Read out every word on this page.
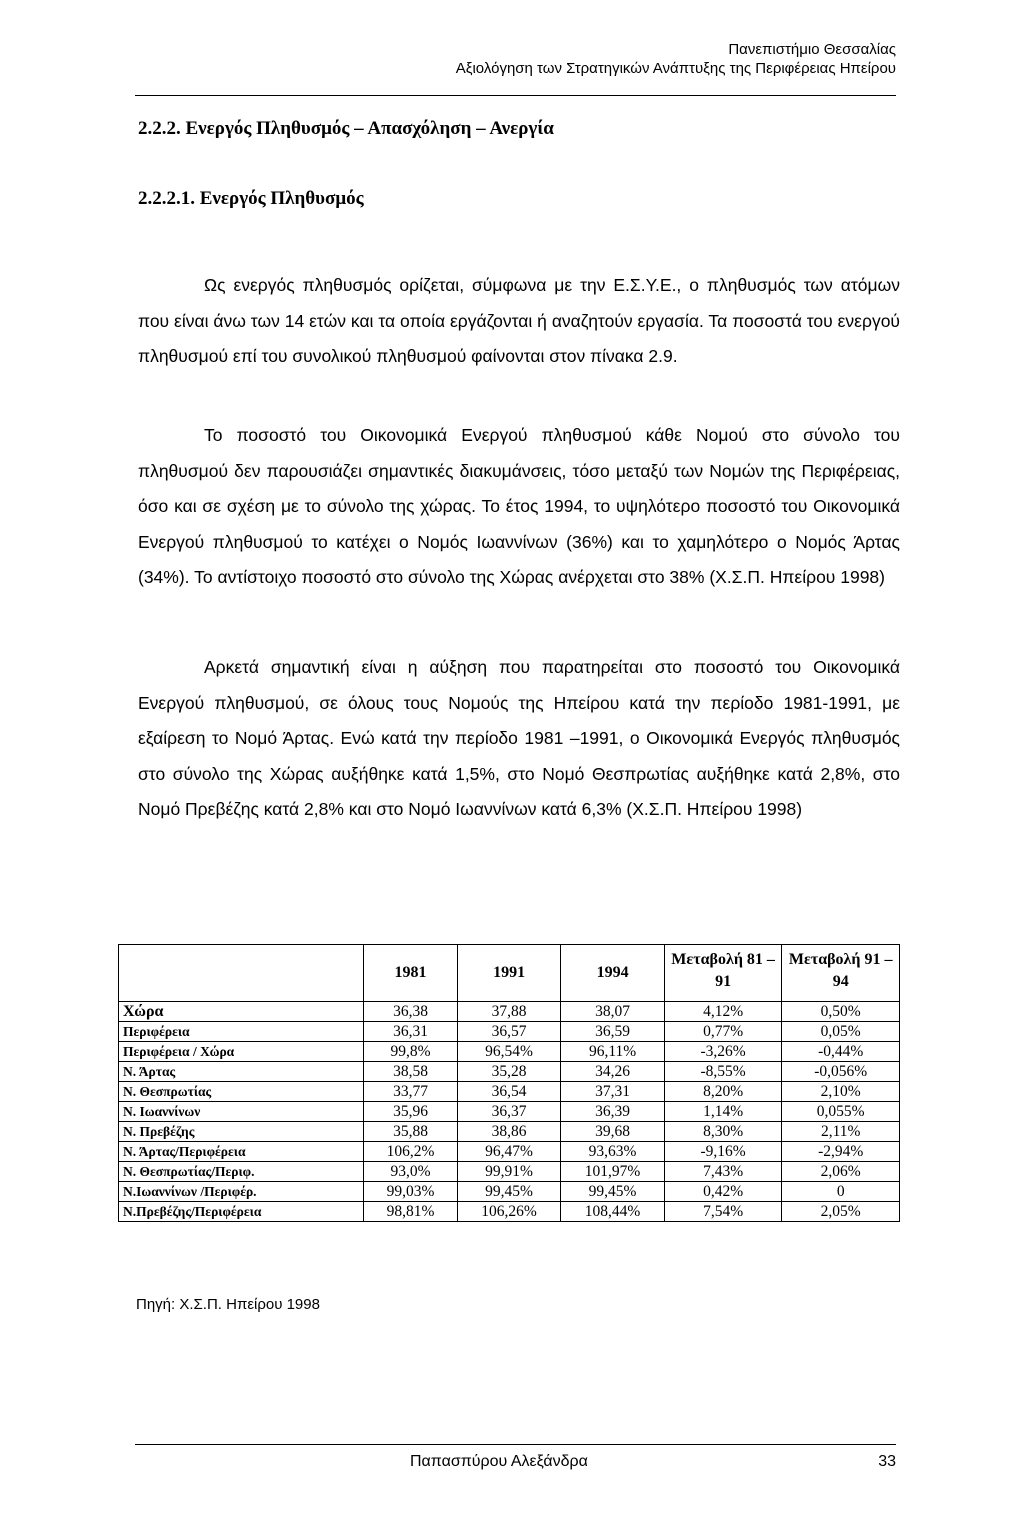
Πανεπιστήμιο Θεσσαλίας
Αξιολόγηση των Στρατηγικών Ανάπτυξης της Περιφέρειας Ηπείρου
2.2.2. Ενεργός Πληθυσμός – Απασχόληση – Ανεργία
2.2.2.1. Ενεργός Πληθυσμός

Ως ενεργός πληθυσμός ορίζεται, σύμφωνα με την Ε.Σ.Υ.Ε., ο πληθυσμός των ατόμων που είναι άνω των 14 ετών και τα οποία εργάζονται ή αναζητούν εργασία. Τα ποσοστά του ενεργού πληθυσμού επί του συνολικού πληθυσμού φαίνονται στον πίνακα 2.9.

Το ποσοστό του Οικονομικά Ενεργού πληθυσμού κάθε Νομού στο σύνολο του πληθυσμού δεν παρουσιάζει σημαντικές διακυμάνσεις, τόσο μεταξύ των Νομών της Περιφέρειας, όσο και σε σχέση με το σύνολο της χώρας. Το έτος 1994, το υψηλότερο ποσοστό του Οικονομικά Ενεργού πληθυσμού το κατέχει ο Νομός Ιωαννίνων (36%) και το χαμηλότερο ο Νομός Άρτας (34%). Το αντίστοιχο ποσοστό στο σύνολο της Χώρας ανέρχεται στο 38% (Χ.Σ.Π. Ηπείρου 1998)

Αρκετά σημαντική είναι η αύξηση που παρατηρείται στο ποσοστό του Οικονομικά Ενεργού πληθυσμού, σε όλους τους Νομούς της Ηπείρου κατά την περίοδο 1981-1991, με εξαίρεση το Νομό Άρτας. Ενώ κατά την περίοδο 1981 –1991, ο Οικονομικά Ενεργός πληθυσμός στο σύνολο της Χώρας αυξήθηκε κατά 1,5%, στο Νομό Θεσπρωτίας αυξήθηκε κατά 2,8%, στο Νομό Πρεβέζης κατά 2,8% και στο Νομό Ιωαννίνων κατά 6,3% (Χ.Σ.Π. Ηπείρου 1998)

	1981	1991	1994	Μεταβολή 81 – 91	Μεταβολή 91 – 94
Χώρα	36,38	37,88	38,07	4,12%	0,50%
Περιφέρεια	36,31	36,57	36,59	0,77%	0,05%
Περιφέρεια / Χώρα	99,8%	96,54%	96,11%	-3,26%	-0,44%
Ν. Άρτας	38,58	35,28	34,26	-8,55%	-0,056%
Ν. Θεσπρωτίας	33,77	36,54	37,31	8,20%	2,10%
Ν. Ιωαννίνων	35,96	36,37	36,39	1,14%	0,055%
Ν. Πρεβέζης	35,88	38,86	39,68	8,30%	2,11%
Ν. Άρτας/Περιφέρεια	106,2%	96,47%	93,63%	-9,16%	-2,94%
Ν. Θεσπρωτίας/Περιφ.	93,0%	99,91%	101,97%	7,43%	2,06%
Ν.Ιωαννίνων /Περιφέρ.	99,03%	99,45%	99,45%	0,42%	0
Ν.Πρεβέζης/Περιφέρεια	98,81%	106,26%	108,44%	7,54%	2,05%
Πηγή: Χ.Σ.Π. Ηπείρου 1998
Παπασπύρου Αλεξάνδρα	33
